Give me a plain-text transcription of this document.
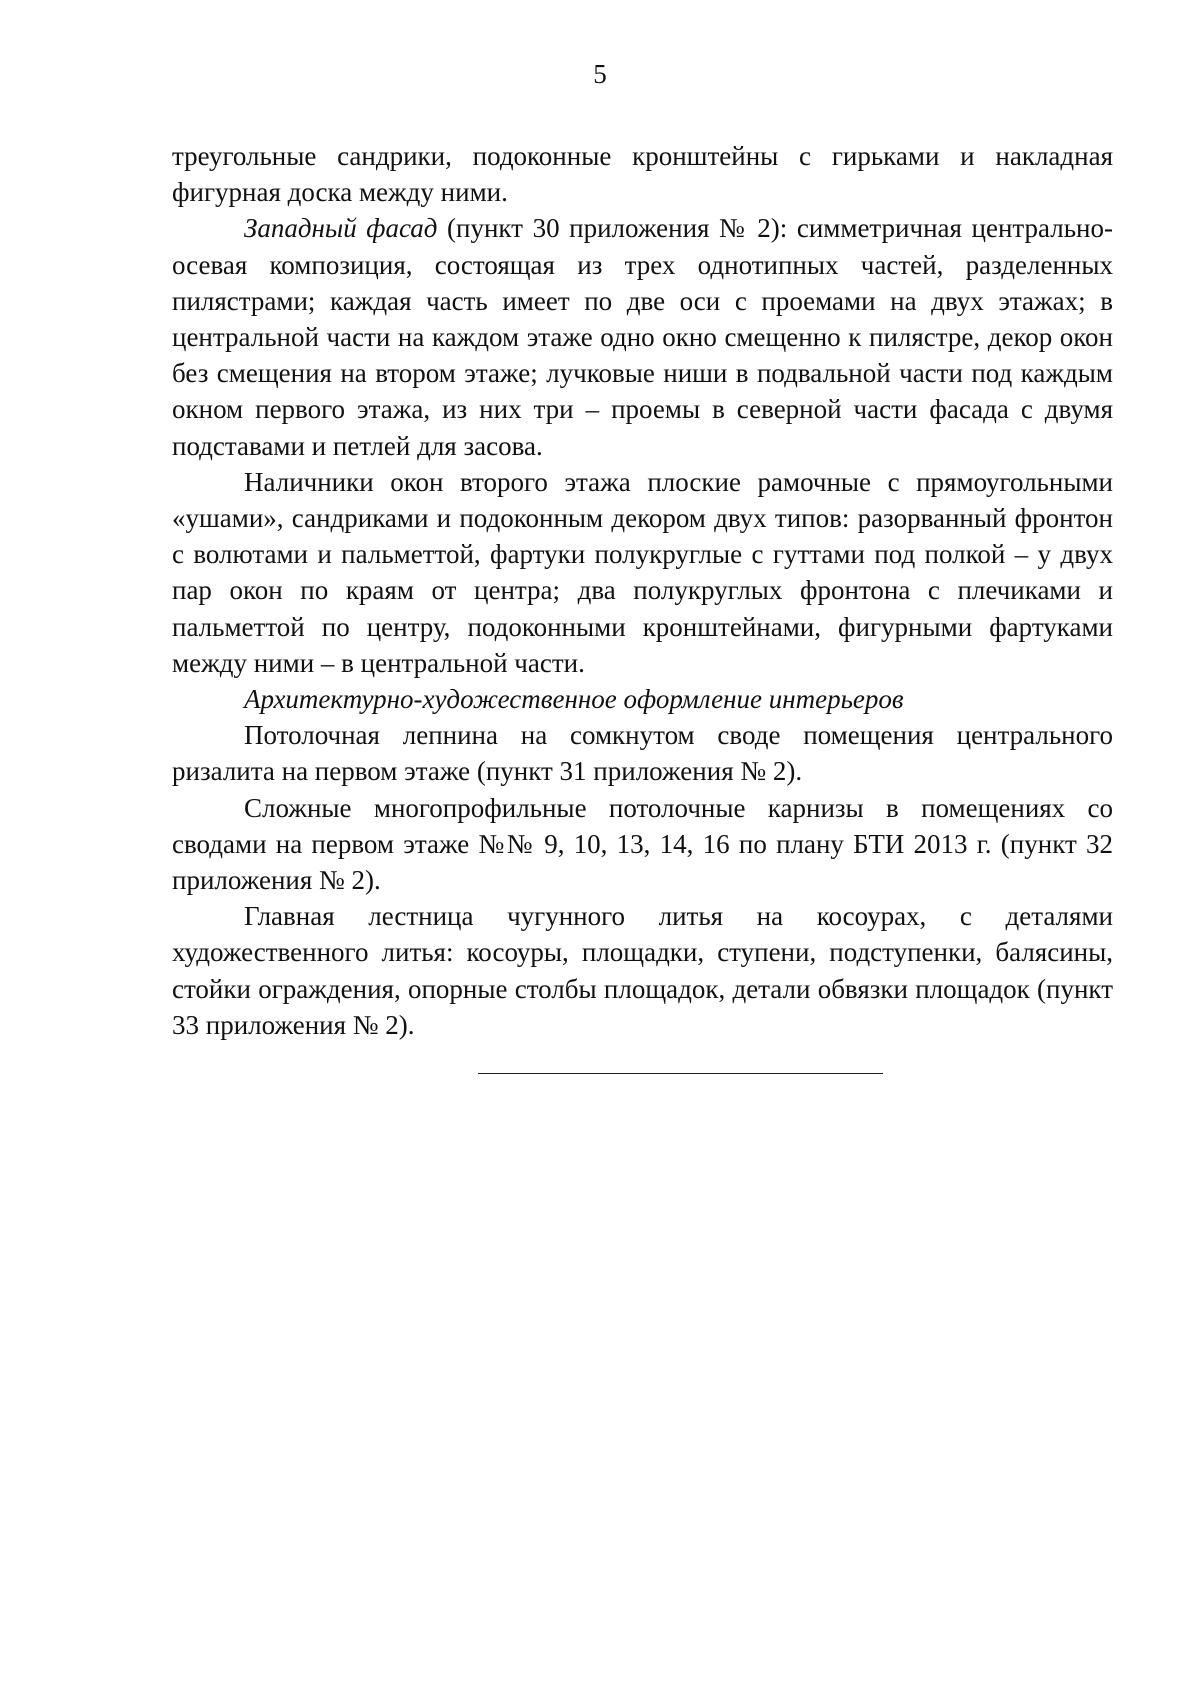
5

треугольные сандрики, подоконные кронштейны с гирьками и накладная фигурная доска между ними.

Западный фасад (пункт 30 приложения № 2): симметричная центрально-осевая композиция, состоящая из трех однотипных частей, разделенных пилястрами; каждая часть имеет по две оси с проемами на двух этажах; в центральной части на каждом этаже одно окно смещенно к пилястре, декор окон без смещения на втором этаже; лучковые ниши в подвальной части под каждым окном первого этажа, из них три – проемы в северной части фасада с двумя подставами и петлей для засова.

Наличники окон второго этажа плоские рамочные с прямоугольными «ушами», сандриками и подоконным декором двух типов: разорванный фронтон с волютами и пальметтой, фартуки полукруглые с гуттами под полкой – у двух пар окон по краям от центра; два полукруглых фронтона с плечиками и пальметтой по центру, подоконными кронштейнами, фигурными фартуками между ними – в центральной части.

Архитектурно-художественное оформление интерьеров

Потолочная лепнина на сомкнутом своде помещения центрального ризалита на первом этаже (пункт 31 приложения № 2).

Сложные многопрофильные потолочные карнизы в помещениях со сводами на первом этаже №№ 9, 10, 13, 14, 16 по плану БТИ 2013 г. (пункт 32 приложения № 2).

Главная лестница чугунного литья на косоурах, с деталями художественного литья: косоуры, площадки, ступени, подступенки, балясины, стойки ограждения, опорные столбы площадок, детали обвязки площадок (пункт 33 приложения № 2).
